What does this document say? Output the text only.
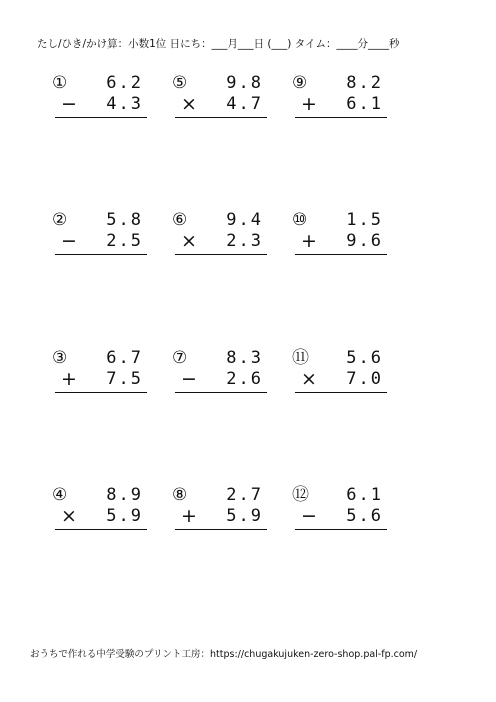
たし/ひき/かけ算：小数1位 日にち：___月___日 (___) タイム：____分____秒
① 6.2
− 4.3
② 5.8
− 2.5
③ 6.7
+ 7.5
④ 8.9
× 5.9
⑤ 9.8
× 4.7
⑥ 9.4
× 2.3
⑦ 8.3
− 2.6
⑧ 2.7
+ 5.9
⑨ 8.2
+ 6.1
⑩ 1.5
+ 9.6
⑪ 5.6
× 7.0
⑫ 6.1
− 5.6
おうちで作れる中学受験のプリント工房：https://chugakujuken-zero-shop.pal-fp.com/
